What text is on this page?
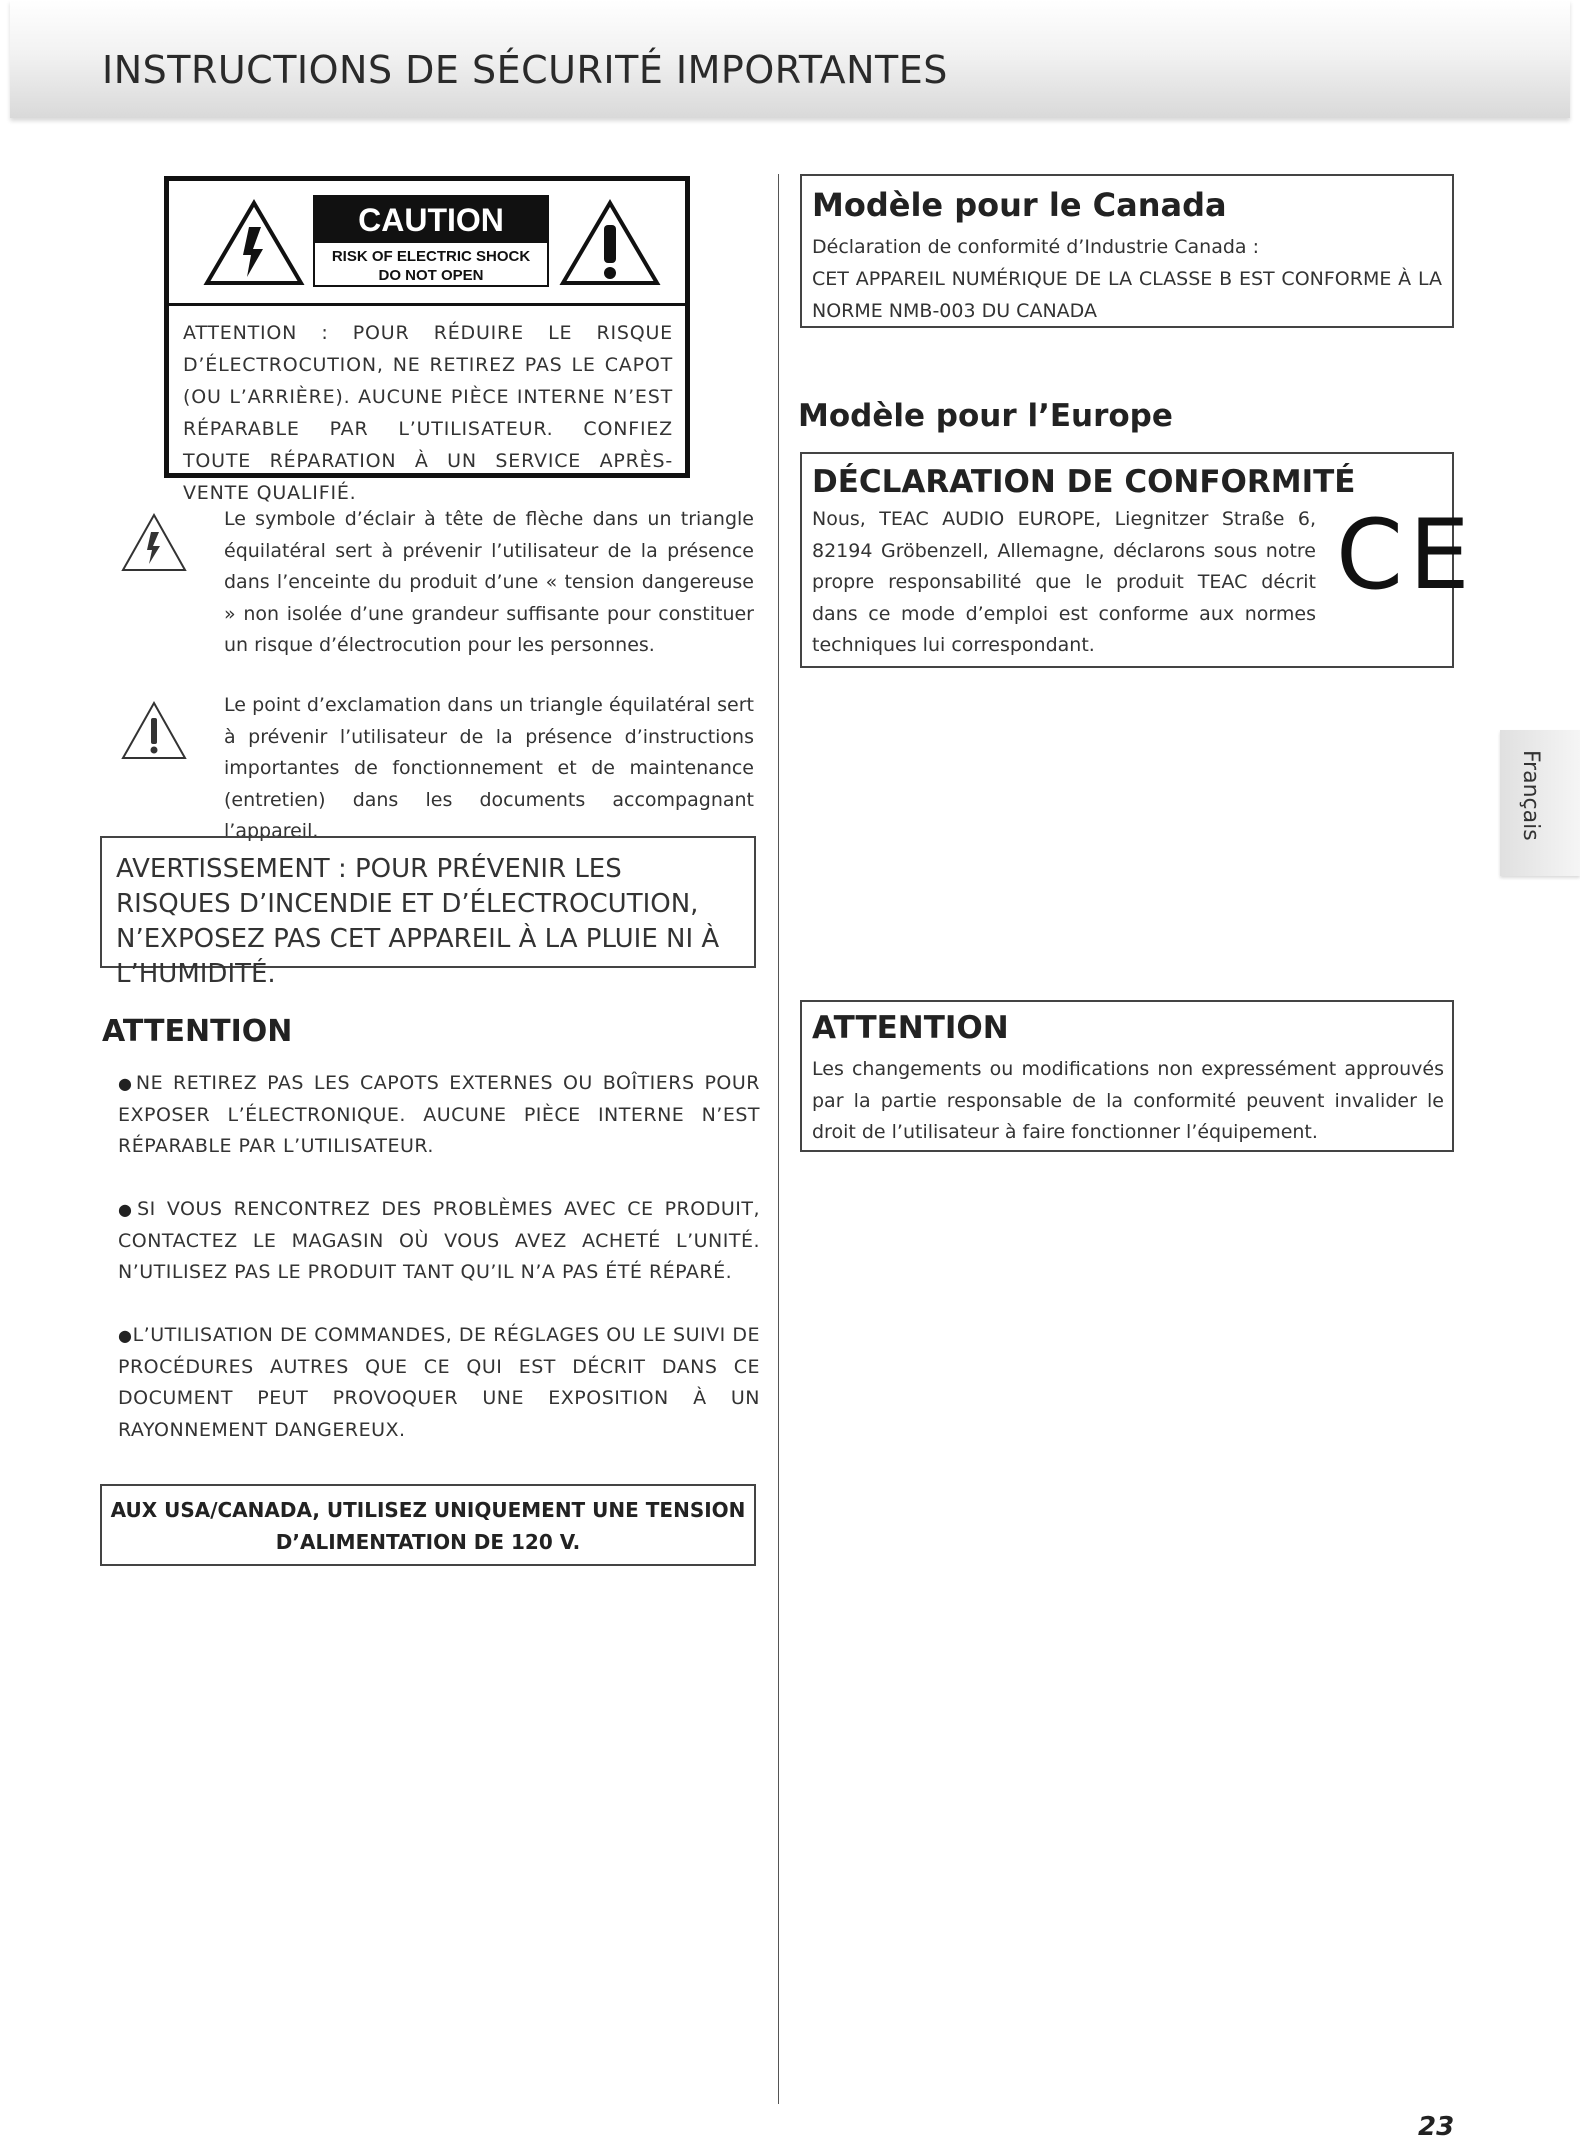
INSTRUCTIONS DE SÉCURITÉ IMPORTANTES
CAUTION
RISK OF ELECTRIC SHOCK
DO NOT OPEN
ATTENTION : POUR RÉDUIRE LE RISQUE D’ÉLECTROCUTION, NE RETIREZ PAS LE CAPOT (OU L’ARRIÈRE). AUCUNE PIÈCE INTERNE N’EST RÉPARABLE PAR L’UTILISATEUR. CONFIEZ TOUTE RÉPARATION À UN SERVICE APRÈS-VENTE QUALIFIÉ.
Le symbole d’éclair à tête de flèche dans un triangle équilatéral sert à prévenir l’utilisateur de la présence dans l’enceinte du produit d’une « tension dangereuse » non isolée d’une grandeur suffisante pour constituer un risque d’électrocution pour les personnes.
Le point d’exclamation dans un triangle équilatéral sert à prévenir l’utilisateur de la présence d’instructions importantes de fonctionnement et de maintenance (entretien) dans les documents accompagnant l’appareil.
AVERTISSEMENT : POUR PRÉVENIR LES RISQUES D’INCENDIE ET D’ÉLECTROCUTION, N’EXPOSEZ PAS CET APPAREIL À LA PLUIE NI À L’HUMIDITÉ.
ATTENTION
●NE RETIREZ PAS LES CAPOTS EXTERNES OU BOÎTIERS POUR EXPOSER L’ÉLECTRONIQUE. AUCUNE PIÈCE INTERNE N’EST RÉPARABLE PAR L’UTILISATEUR.
●SI VOUS RENCONTREZ DES PROBLÈMES AVEC CE PRODUIT, CONTACTEZ LE MAGASIN OÙ VOUS AVEZ ACHETÉ L’UNITÉ. N’UTILISEZ PAS LE PRODUIT TANT QU’IL N’A PAS ÉTÉ RÉPARÉ.
●L’UTILISATION DE COMMANDES, DE RÉGLAGES OU LE SUIVI DE PROCÉDURES AUTRES QUE CE QUI EST DÉCRIT DANS CE DOCUMENT PEUT PROVOQUER UNE EXPOSITION À UN RAYONNEMENT DANGEREUX.
AUX USA/CANADA, UTILISEZ UNIQUEMENT UNE TENSION
D’ALIMENTATION DE 120 V.
Modèle pour le Canada
Déclaration de conformité d’Industrie Canada :
CET APPAREIL NUMÉRIQUE DE LA CLASSE B EST CONFORME À LA NORME NMB-003 DU CANADA
Modèle pour l’Europe
DÉCLARATION DE CONFORMITÉ
Nous, TEAC AUDIO EUROPE, Liegnitzer Straße 6, 82194 Gröbenzell, Allemagne, déclarons sous notre propre responsabilité que le produit TEAC décrit dans ce mode d’emploi est conforme aux normes techniques lui correspondant.
CE
ATTENTION
Les changements ou modifications non expressément approuvés par la partie responsable de la conformité peuvent invalider le droit de l’utilisateur à faire fonctionner l’équipement.
Français
23
